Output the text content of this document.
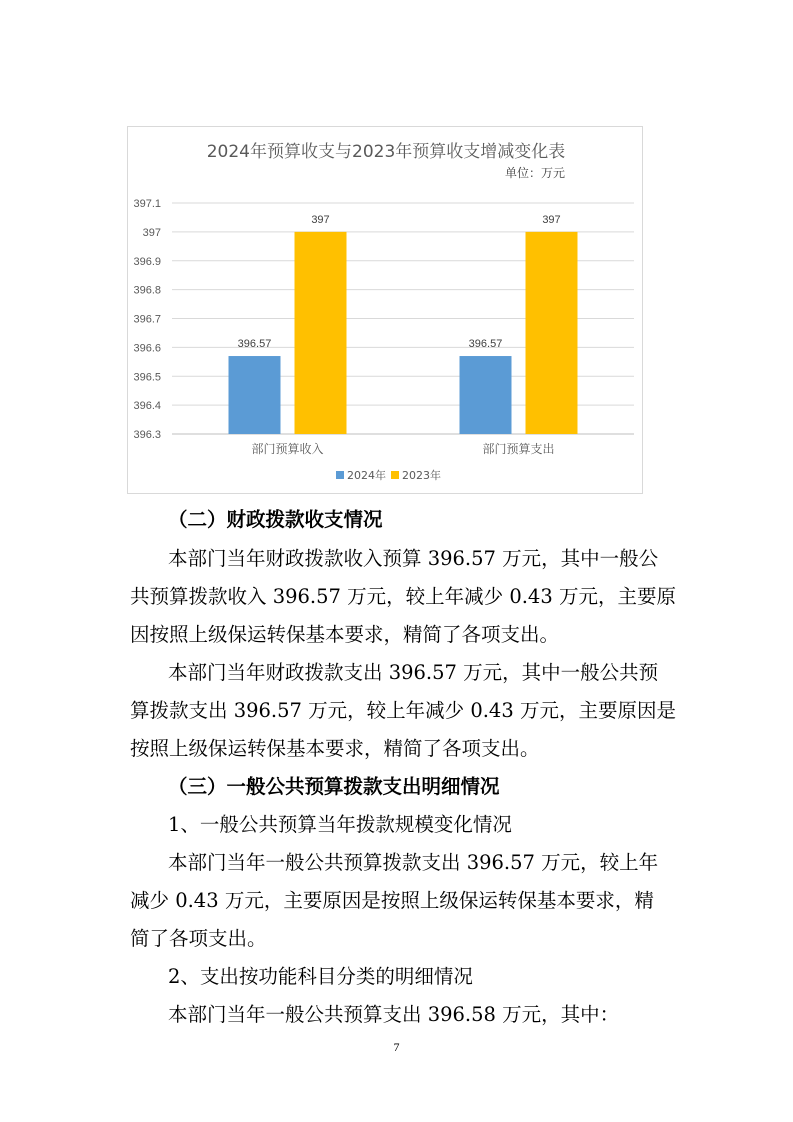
2024年预算收支与2023年预算收支增减变化表
单位：万元
397.1
397
396.9
396.8
396.7
396.6
396.5
396.4
396.3
396.57
397
396.57
397
部门预算收入	部门预算支出
2024年 2023年

（二）财政拨款收支情况

本部门当年财政拨款收入预算 396.57 万元，其中一般公

共预算拨款收入 396.57 万元，较上年减少 0.43 万元，主要原

因按照上级保运转保基本要求，精简了各项支出。

本部门当年财政拨款支出 396.57 万元，其中一般公共预

算拨款支出 396.57 万元，较上年减少 0.43 万元，主要原因是

按照上级保运转保基本要求，精简了各项支出。

（三）一般公共预算拨款支出明细情况

1、一般公共预算当年拨款规模变化情况

本部门当年一般公共预算拨款支出 396.57 万元，较上年

减少 0.43 万元，主要原因是按照上级保运转保基本要求，精

简了各项支出。

2、支出按功能科目分类的明细情况

本部门当年一般公共预算支出 396.58 万元，其中：

7
